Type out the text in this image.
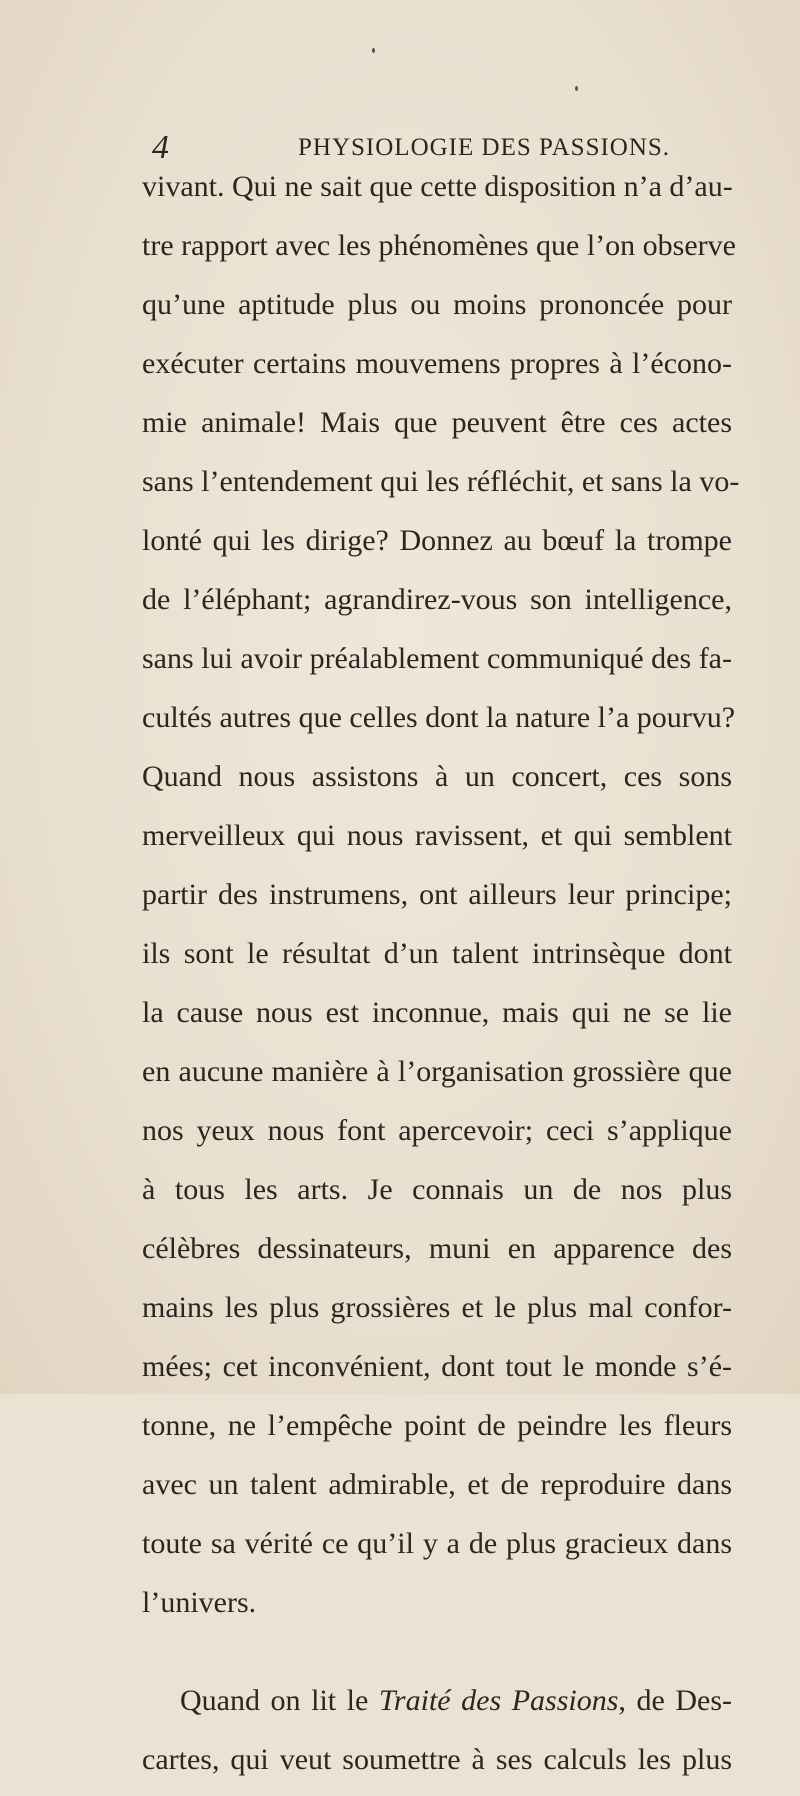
4	PHYSIOLOGIE DES PASSIONS.
vivant. Qui ne sait que cette disposition n’a d’au-
tre rapport avec les phénomènes que l’on observe
qu’une aptitude plus ou moins prononcée pour
exécuter certains mouvemens propres à l’écono-
mie animale! Mais que peuvent être ces actes
sans l’entendement qui les réfléchit, et sans la vo-
lonté qui les dirige? Donnez au bœuf la trompe
de l’éléphant; agrandirez-vous son intelligence,
sans lui avoir préalablement communiqué des fa-
cultés autres que celles dont la nature l’a pourvu?
Quand nous assistons à un concert, ces sons
merveilleux qui nous ravissent, et qui semblent
partir des instrumens, ont ailleurs leur principe;
ils sont le résultat d’un talent intrinsèque dont
la cause nous est inconnue, mais qui ne se lie
en aucune manière à l’organisation grossière que
nos yeux nous font apercevoir; ceci s’applique
à tous les arts. Je connais un de nos plus
célèbres dessinateurs, muni en apparence des
mains les plus grossières et le plus mal confor-
mées; cet inconvénient, dont tout le monde s’é-
tonne, ne l’empêche point de peindre les fleurs
avec un talent admirable, et de reproduire dans
toute sa vérité ce qu’il y a de plus gracieux dans
l’univers.
Quand on lit le Traité des Passions, de Des-
cartes, qui veut soumettre à ses calculs les plus
